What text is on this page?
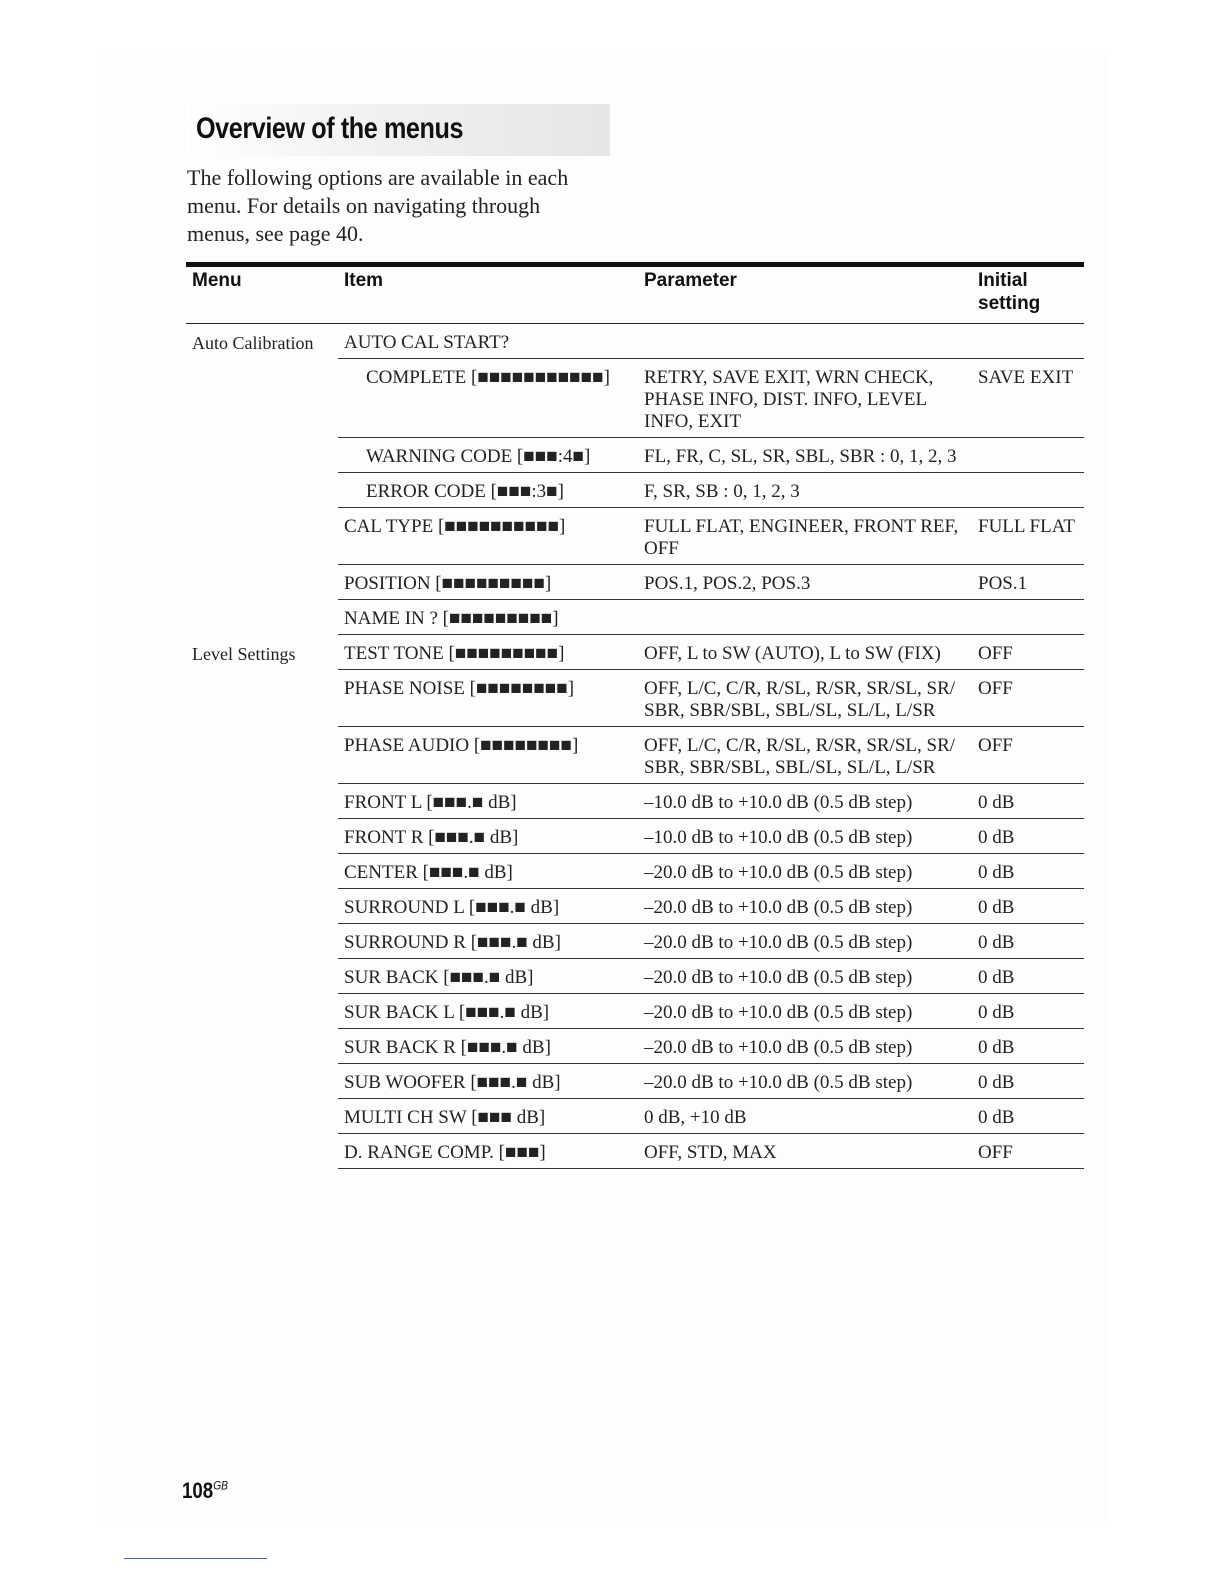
Overview of the menus

The following options are available in each menu. For details on navigating through menus, see page 40.

Menu	Item	Parameter	Initial setting
Auto Calibration	AUTO CAL START?		
	COMPLETE [■■■■■■■■■■■]	RETRY, SAVE EXIT, WRN CHECK, PHASE INFO, DIST. INFO, LEVEL INFO, EXIT	SAVE EXIT
	WARNING CODE [■■■:4■]	FL, FR, C, SL, SR, SBL, SBR : 0, 1, 2, 3	
	ERROR CODE [■■■:3■]	F, SR, SB : 0, 1, 2, 3	
	CAL TYPE [■■■■■■■■■■]	FULL FLAT, ENGINEER, FRONT REF, OFF	FULL FLAT
	POSITION [■■■■■■■■■]	POS.1, POS.2, POS.3	POS.1
	NAME IN ? [■■■■■■■■■]		
Level Settings	TEST TONE [■■■■■■■■■]	OFF, L to SW (AUTO), L to SW (FIX)	OFF
	PHASE NOISE [■■■■■■■■]	OFF, L/C, C/R, R/SL, R/SR, SR/SL, SR/ SBR, SBR/SBL, SBL/SL, SL/L, L/SR	OFF
	PHASE AUDIO [■■■■■■■■]	OFF, L/C, C/R, R/SL, R/SR, SR/SL, SR/ SBR, SBR/SBL, SBL/SL, SL/L, L/SR	OFF
	FRONT L [■■■.■ dB]	–10.0 dB to +10.0 dB (0.5 dB step)	0 dB
	FRONT R [■■■.■ dB]	–10.0 dB to +10.0 dB (0.5 dB step)	0 dB
	CENTER [■■■.■ dB]	–20.0 dB to +10.0 dB (0.5 dB step)	0 dB
	SURROUND L [■■■.■ dB]	–20.0 dB to +10.0 dB (0.5 dB step)	0 dB
	SURROUND R [■■■.■ dB]	–20.0 dB to +10.0 dB (0.5 dB step)	0 dB
	SUR BACK [■■■.■ dB]	–20.0 dB to +10.0 dB (0.5 dB step)	0 dB
	SUR BACK L [■■■.■ dB]	–20.0 dB to +10.0 dB (0.5 dB step)	0 dB
	SUR BACK R [■■■.■ dB]	–20.0 dB to +10.0 dB (0.5 dB step)	0 dB
	SUB WOOFER [■■■.■ dB]	–20.0 dB to +10.0 dB (0.5 dB step)	0 dB
	MULTI CH SW [■■■ dB]	0 dB, +10 dB	0 dB
	D. RANGE COMP. [■■■]	OFF, STD, MAX	OFF
$108^{GB}$
